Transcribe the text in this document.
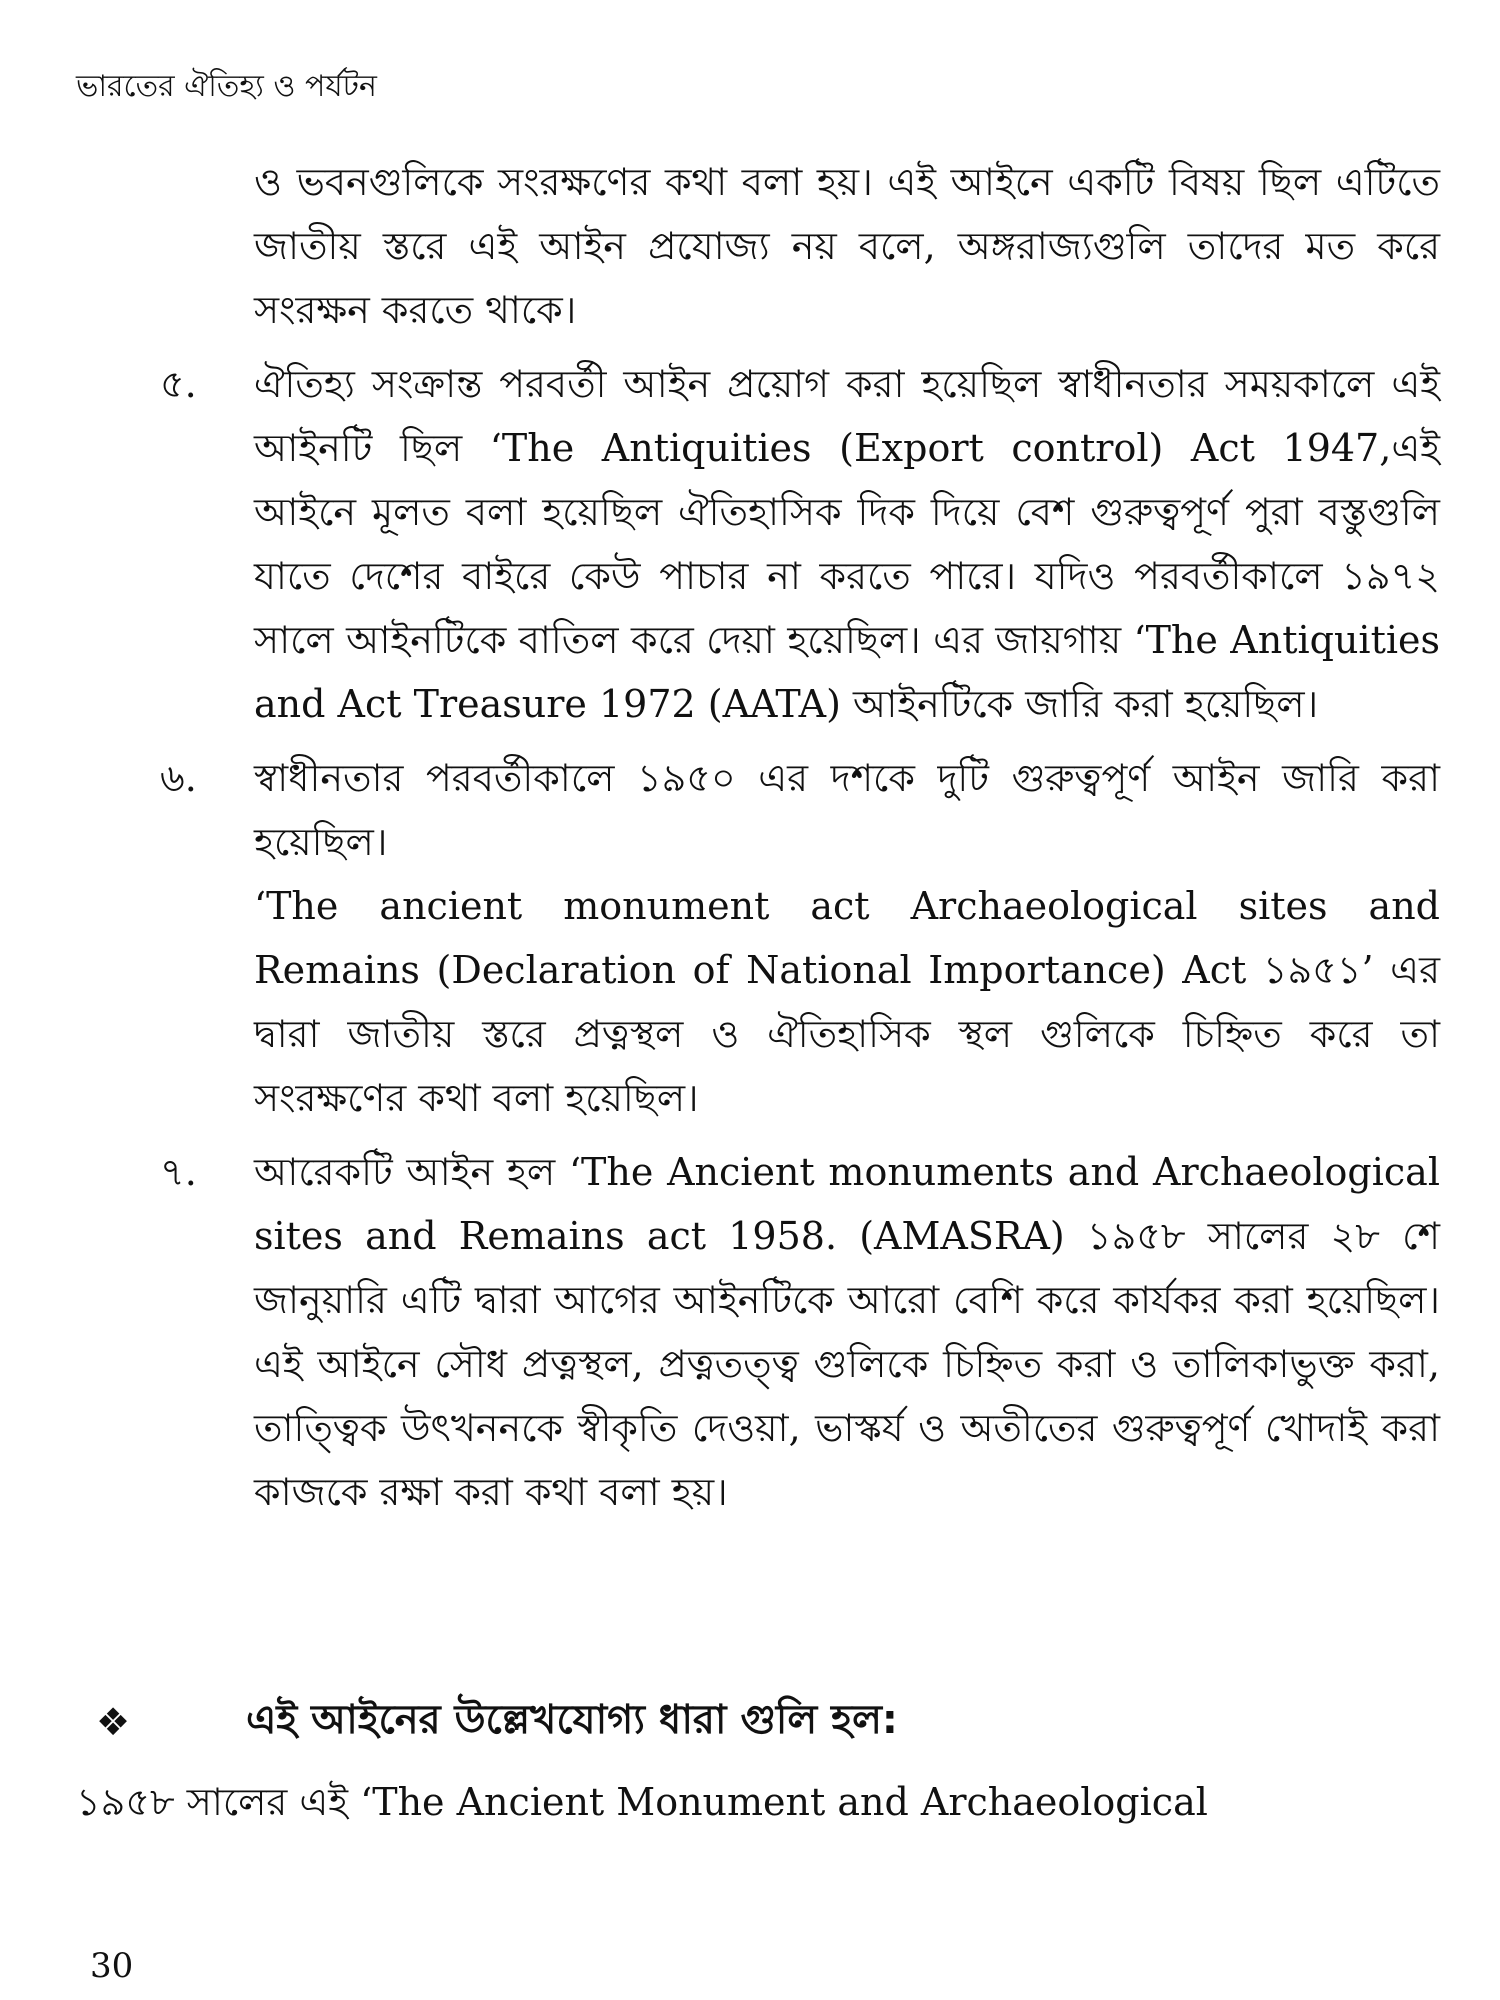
ভারতের ঐতিহ্য ও পর্যটন

ও ভবনগুলিকে সংরক্ষণের কথা বলা হয়। এই আইনে একটি বিষয় ছিল এটিতে জাতীয় স্তরে এই আইন প্রযোজ্য নয় বলে, অঙ্গরাজ্যগুলি তাদের মত করে সংরক্ষন করতে থাকে।

৫.	ঐতিহ্য সংক্রান্ত পরবর্তী আইন প্রয়োগ করা হয়েছিল স্বাধীনতার সময়কালে এই আইনটি ছিল ‘The Antiquities (Export control) Act 1947,এই আইনে মূলত বলা হয়েছিল ঐতিহাসিক দিক দিয়ে বেশ গুরুত্বপূর্ণ পুরা বস্তুগুলি যাতে দেশের বাইরে কেউ পাচার না করতে পারে। যদিও পরবর্তীকালে ১৯৭২ সালে আইনটিকে বাতিল করে দেয়া হয়েছিল। এর জায়গায় ‘The Antiquities and Act Treasure 1972 (AATA) আইনটিকে জারি করা হয়েছিল।

৬.	স্বাধীনতার পরবর্তীকালে ১৯৫০ এর দশকে দুটি গুরুত্বপূর্ণ আইন জারি করা হয়েছিল।

‘The ancient monument act Archaeological sites and Remains (Declaration of National Importance) Act ১৯৫১’ এর দ্বারা জাতীয় স্তরে প্রত্নস্থল ও ঐতিহাসিক স্থল গুলিকে চিহ্নিত করে তা সংরক্ষণের কথা বলা হয়েছিল।

৭.	আরেকটি আইন হল ‘The Ancient monuments and Archaeological sites and Remains act 1958. (AMASRA) ১৯৫৮ সালের ২৮ শে জানুয়ারি এটি দ্বারা আগের আইনটিকে আরো বেশি করে কার্যকর করা হয়েছিল। এই আইনে সৌধ প্রত্নস্থল, প্রত্নতত্ত্ব গুলিকে চিহ্নিত করা ও তালিকাভুক্ত করা, তাত্ত্বিক উৎখননকে স্বীকৃতি দেওয়া, ভাস্কর্য ও অতীতের গুরুত্বপূর্ণ খোদাই করা কাজকে রক্ষা করা কথা বলা হয়।

❖	এই আইনের উল্লেখযোগ্য ধারা গুলি হল:
১৯৫৮ সালের এই ‘The Ancient Monument and Archaeological
30
